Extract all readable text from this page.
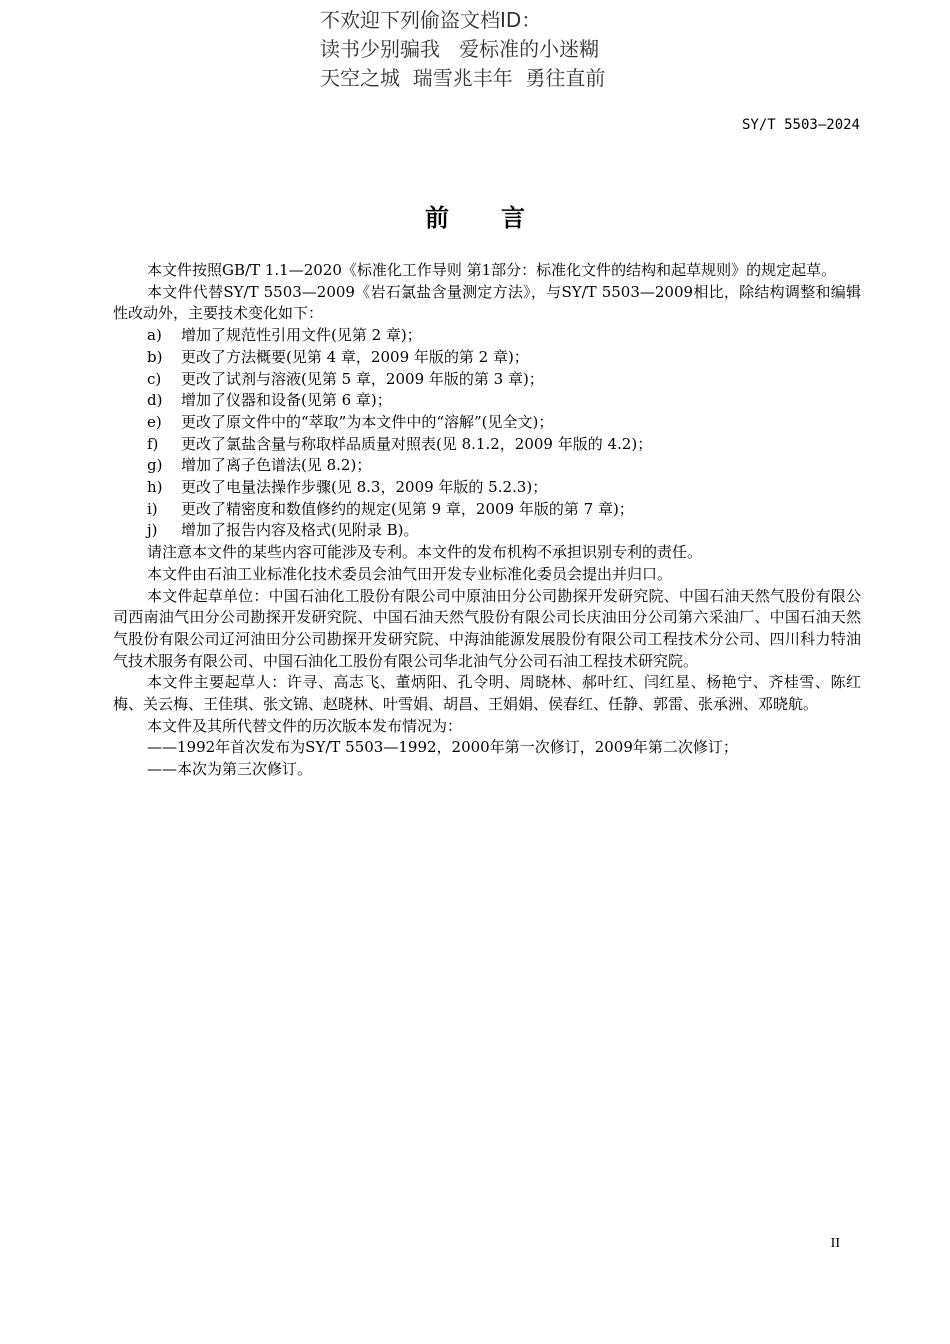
不欢迎下列偷盗文档ID：
读书少别骗我   爱标准的小迷糊
天空之城  瑞雪兆丰年  勇往直前
SY/T 5503—2024
前言

本文件按照GB/T 1.1—2020《标准化工作导则 第1部分：标准化文件的结构和起草规则》的规定起草。

本文件代替SY/T 5503—2009《岩石氯盐含量测定方法》，与SY/T 5503—2009相比，除结构调整和编辑性改动外，主要技术变化如下：

a) 增加了规范性引用文件(见第 2 章)；

b) 更改了方法概要(见第 4 章，2009 年版的第 2 章)；

c) 更改了试剂与溶液(见第 5 章，2009 年版的第 3 章)；

d) 增加了仪器和设备(见第 6 章)；

e) 更改了原文件中的“萃取”为本文件中的“溶解”(见全文)；

f) 更改了氯盐含量与称取样品质量对照表(见 8.1.2，2009 年版的 4.2)；

g) 增加了离子色谱法(见 8.2)；

h) 更改了电量法操作步骤(见 8.3，2009 年版的 5.2.3)；

i) 更改了精密度和数值修约的规定(见第 9 章，2009 年版的第 7 章)；

j) 增加了报告内容及格式(见附录 B)。

请注意本文件的某些内容可能涉及专利。本文件的发布机构不承担识别专利的责任。

本文件由石油工业标准化技术委员会油气田开发专业标准化委员会提出并归口。

本文件起草单位：中国石油化工股份有限公司中原油田分公司勘探开发研究院、中国石油天然气股份有限公司西南油气田分公司勘探开发研究院、中国石油天然气股份有限公司长庆油田分公司第六采油厂、中国石油天然气股份有限公司辽河油田分公司勘探开发研究院、中海油能源发展股份有限公司工程技术分公司、四川科力特油气技术服务有限公司、中国石油化工股份有限公司华北油气分公司石油工程技术研究院。

本文件主要起草人：许寻、高志飞、董炳阳、孔令明、周晓林、郝叶红、闫红星、杨艳宁、齐桂雪、陈红梅、关云梅、王佳琪、张文锦、赵晓林、叶雪娟、胡昌、王娟娟、侯春红、任静、郭雷、张承洲、邓晓航。

本文件及其所代替文件的历次版本发布情况为：

——1992年首次发布为SY/T 5503—1992，2000年第一次修订，2009年第二次修订；

——本次为第三次修订。

II
